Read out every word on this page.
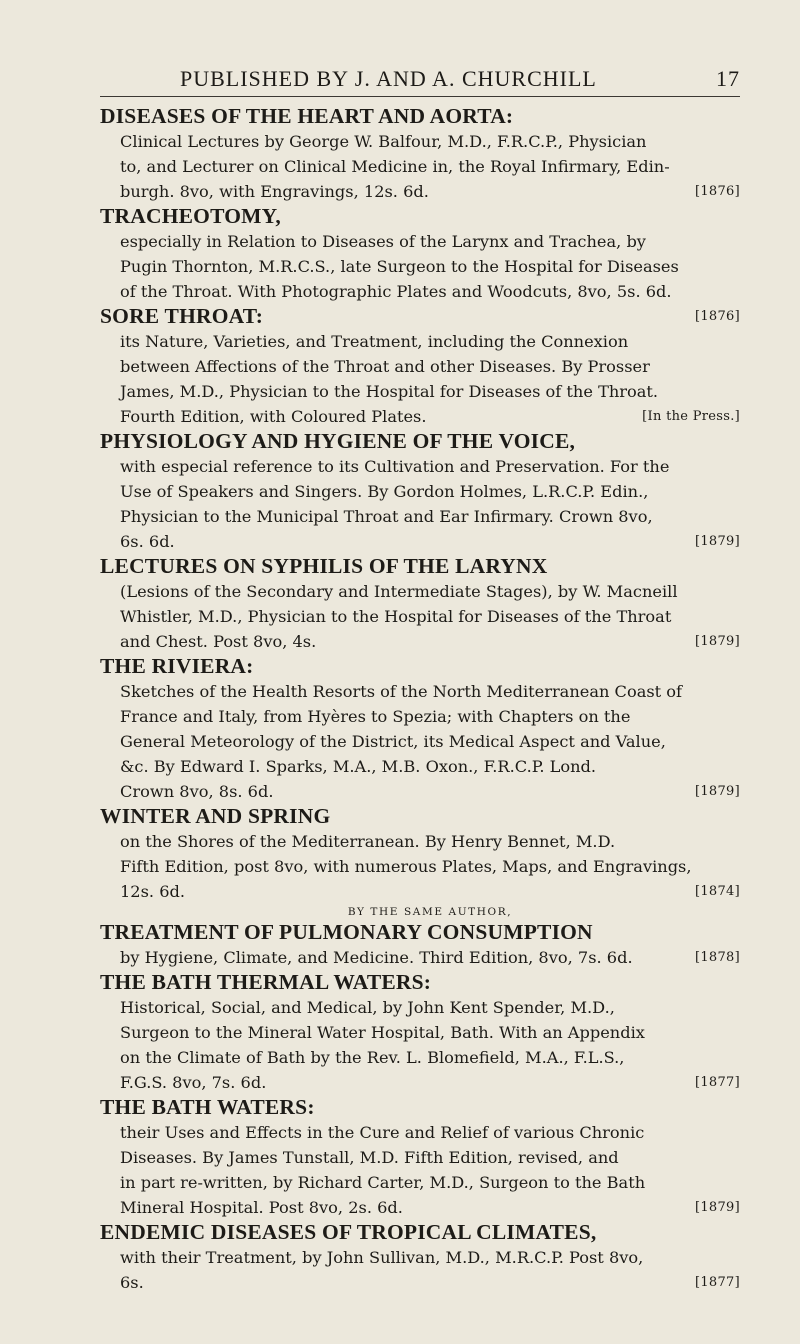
PUBLISHED BY J. AND A. CHURCHILL	17
DISEASES OF THE HEART AND AORTA:
Clinical Lectures by George W. Balfour, M.D., F.R.C.P., Physician
to, and Lecturer on Clinical Medicine in, the Royal Infirmary, Edin-
burgh. 8vo, with Engravings, 12s. 6d.	[1876]
TRACHEOTOMY,
especially in Relation to Diseases of the Larynx and Trachea, by
Pugin Thornton, M.R.C.S., late Surgeon to the Hospital for Diseases
of the Throat. With Photographic Plates and Woodcuts, 8vo, 5s. 6d.
SORE THROAT:	[1876]
its Nature, Varieties, and Treatment, including the Connexion
between Affections of the Throat and other Diseases. By Prosser
James, M.D., Physician to the Hospital for Diseases of the Throat.
Fourth Edition, with Coloured Plates.	[In the Press.]
PHYSIOLOGY AND HYGIENE OF THE VOICE,
with especial reference to its Cultivation and Preservation. For the
Use of Speakers and Singers. By Gordon Holmes, L.R.C.P. Edin.,
Physician to the Municipal Throat and Ear Infirmary. Crown 8vo,
6s. 6d.	[1879]
LECTURES ON SYPHILIS OF THE LARYNX
(Lesions of the Secondary and Intermediate Stages), by W. Macneill
Whistler, M.D., Physician to the Hospital for Diseases of the Throat
and Chest. Post 8vo, 4s.	[1879]
THE RIVIERA:
Sketches of the Health Resorts of the North Mediterranean Coast of
France and Italy, from Hyères to Spezia; with Chapters on the
General Meteorology of the District, its Medical Aspect and Value,
&c. By Edward I. Sparks, M.A., M.B. Oxon., F.R.C.P. Lond.
Crown 8vo, 8s. 6d.	[1879]
WINTER AND SPRING
on the Shores of the Mediterranean. By Henry Bennet, M.D.
Fifth Edition, post 8vo, with numerous Plates, Maps, and Engravings,
12s. 6d.	[1874]
BY THE SAME AUTHOR,
TREATMENT OF PULMONARY CONSUMPTION
by Hygiene, Climate, and Medicine. Third Edition, 8vo, 7s. 6d.	[1878]
THE BATH THERMAL WATERS:
Historical, Social, and Medical, by John Kent Spender, M.D.,
Surgeon to the Mineral Water Hospital, Bath. With an Appendix
on the Climate of Bath by the Rev. L. Blomefield, M.A., F.L.S.,
F.G.S. 8vo, 7s. 6d.	[1877]
THE BATH WATERS:
their Uses and Effects in the Cure and Relief of various Chronic
Diseases. By James Tunstall, M.D. Fifth Edition, revised, and
in part re-written, by Richard Carter, M.D., Surgeon to the Bath
Mineral Hospital. Post 8vo, 2s. 6d.	[1879]
ENDEMIC DISEASES OF TROPICAL CLIMATES,
with their Treatment, by John Sullivan, M.D., M.R.C.P. Post 8vo,
6s.	[1877]
